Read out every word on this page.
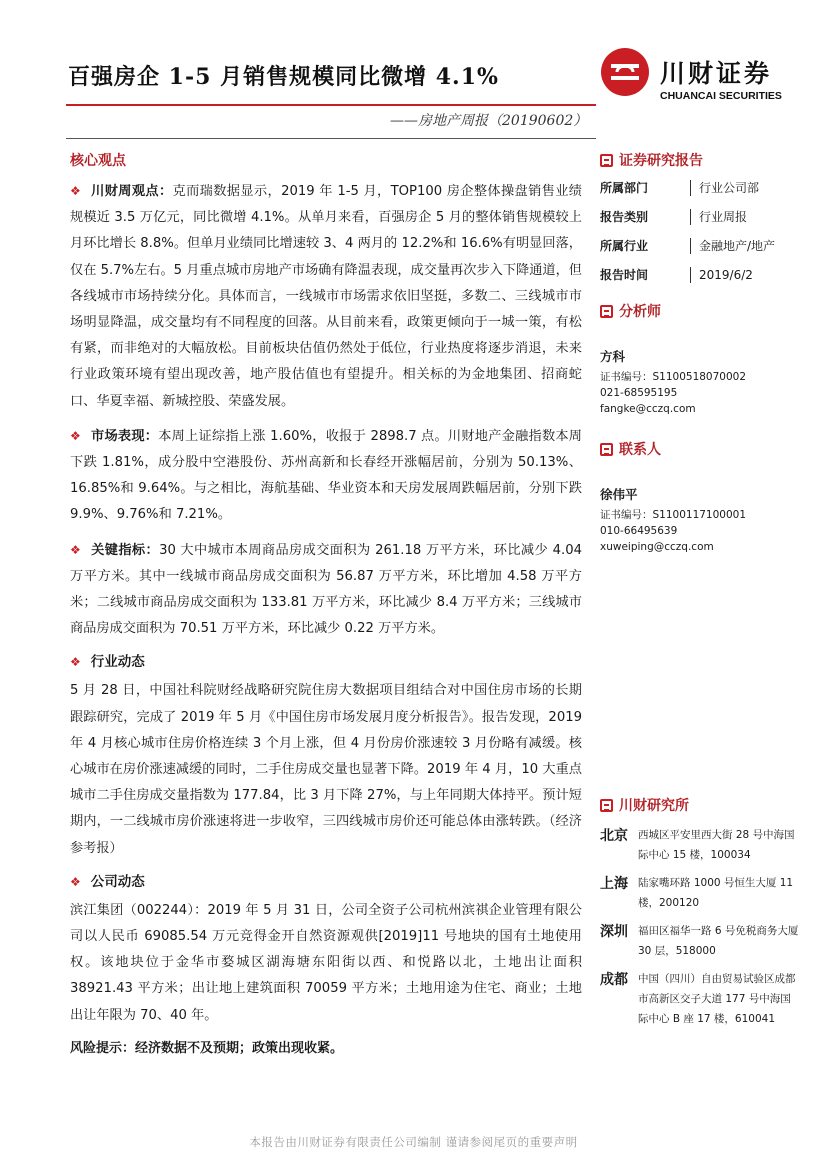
百强房企 1-5 月销售规模同比微增 4.1%	川财证券
CHUANCAI SECURITIES
——房地产周报（20190602）
核心观点
❖ 川财周观点：克而瑞数据显示，2019 年 1-5 月，TOP100 房企整体操盘销售业绩规模近 3.5 万亿元，同比微增 4.1%。从单月来看，百强房企 5 月的整体销售规模较上月环比增长 8.8%。但单月业绩同比增速较 3、4 两月的 12.2%和 16.6%有明显回落，仅在 5.7%左右。5 月重点城市房地产市场确有降温表现，成交量再次步入下降通道，但各线城市市场持续分化。具体而言，一线城市市场需求依旧坚挺，多数二、三线城市市场明显降温，成交量均有不同程度的回落。从目前来看，政策更倾向于一城一策，有松有紧，而非绝对的大幅放松。目前板块估值仍然处于低位，行业热度将逐步消退，未来行业政策环境有望出现改善，地产股估值也有望提升。相关标的为金地集团、招商蛇口、华夏幸福、新城控股、荣盛发展。
❖ 市场表现：本周上证综指上涨 1.60%，收报于 2898.7 点。川财地产金融指数本周下跌 1.81%，成分股中空港股份、苏州高新和长春经开涨幅居前，分别为 50.13%、16.85%和 9.64%。与之相比，海航基础、华业资本和天房发展周跌幅居前，分别下跌 9.9%、9.76%和 7.21%。
❖ 关键指标：30 大中城市本周商品房成交面积为 261.18 万平方米，环比减少 4.04 万平方米。其中一线城市商品房成交面积为 56.87 万平方米，环比增加 4.58 万平方米；二线城市商品房成交面积为 133.81 万平方米，环比减少 8.4 万平方米；三线城市商品房成交面积为 70.51 万平方米，环比减少 0.22 万平方米。
❖ 行业动态
5 月 28 日，中国社科院财经战略研究院住房大数据项目组结合对中国住房市场的长期跟踪研究，完成了 2019 年 5 月《中国住房市场发展月度分析报告》。报告发现，2019 年 4 月核心城市住房价格连续 3 个月上涨，但 4 月份房价涨速较 3 月份略有减缓。核心城市在房价涨速减缓的同时，二手住房成交量也显著下降。2019 年 4 月，10 大重点城市二手住房成交量指数为 177.84，比 3 月下降 27%，与上年同期大体持平。预计短期内，一二线城市房价涨速将进一步收窄，三四线城市房价还可能总体由涨转跌。（经济参考报）
❖ 公司动态
滨江集团（002244）：2019 年 5 月 31 日，公司全资子公司杭州滨祺企业管理有限公司以人民币 69085.54 万元竞得金开自然资源观供[2019]11 号地块的国有土地使用权。该地块位于金华市婺城区湖海塘东阳街以西、和悦路以北，土地出让面积 38921.43 平方米；出让地上建筑面积 70059 平方米；土地用途为住宅、商业；土地出让年限为 70、40 年。
风险提示：经济数据不及预期；政策出现收紧。
证券研究报告
所属部门	行业公司部
报告类别	行业周报
所属行业	金融地产/地产
报告时间	2019/6/2
分析师
方科
证书编号：S1100518070002
021-68595195
fangke@cczq.com
联系人
徐伟平
证书编号：S1100117100001
010-66495639
xuweiping@cczq.com
川财研究所
北京 西城区平安里西大街 28 号中海国际中心 15 楼，100034
上海 陆家嘴环路 1000 号恒生大厦 11 楼，200120
深圳 福田区福华一路 6 号免税商务大厦 30 层，518000
成都 中国（四川）自由贸易试验区成都市高新区交子大道 177 号中海国际中心 B 座 17 楼，610041
本报告由川财证券有限责任公司编制 谨请参阅尾页的重要声明
